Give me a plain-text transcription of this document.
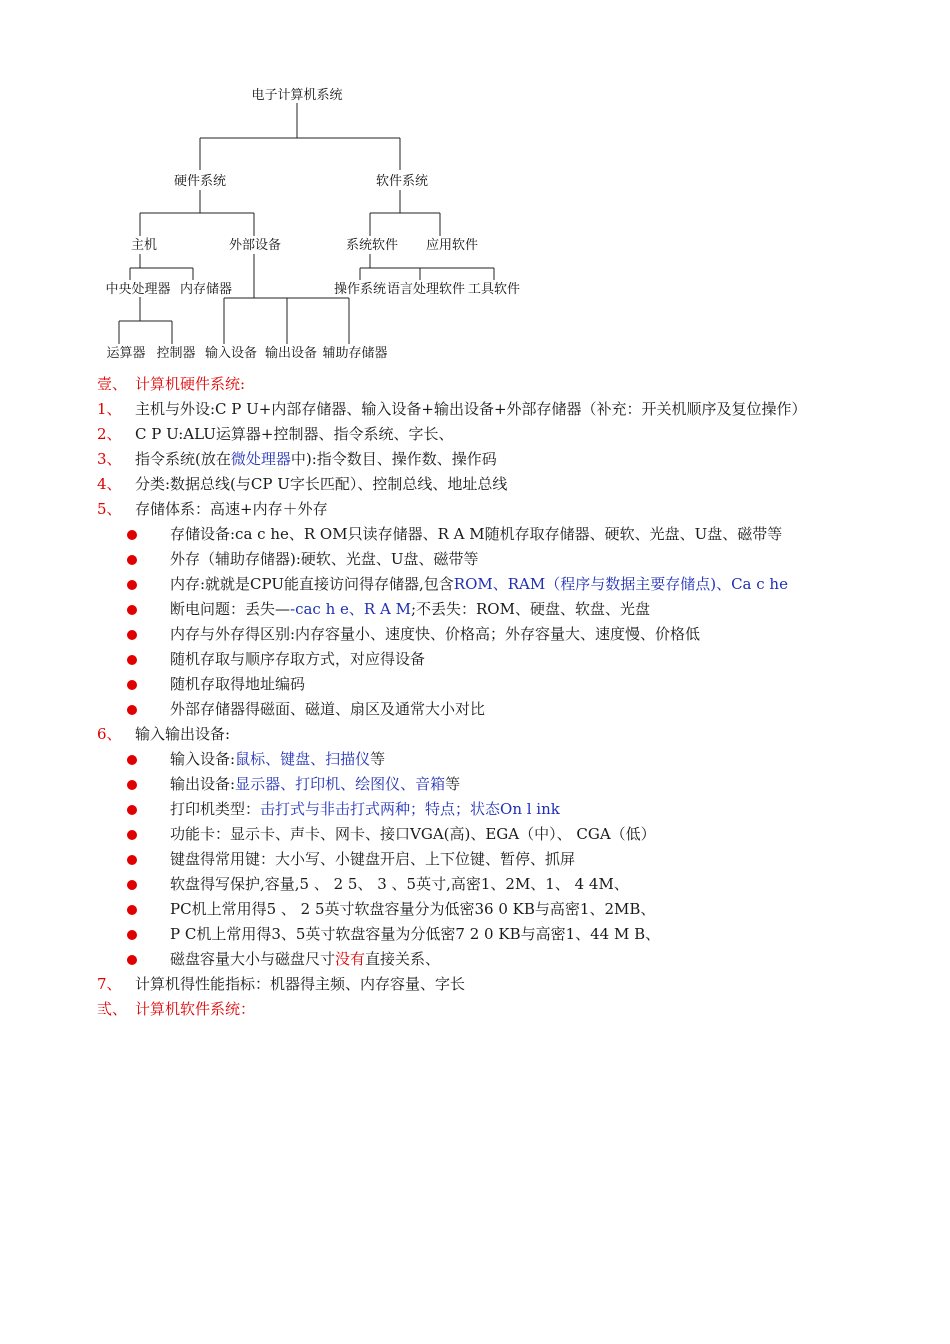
电子计算机系统
硬件系统	软件系统
主机	外部设备	系统软件 应用软件
中央处理器 内存储器	操作系统 语言处理软件 工具软件
运算器 控制器 输入设备 输出设备 辅助存储器
壹、 计算机硬件系统:
1、 主机与外设:C P U+内部存储器、输入设备+输出设备+外部存储器（补充：开关机顺序及复位操作）
2、 C P U:ALU运算器+控制器、指令系统、字长、
3、 指令系统(放在微处理器中):指令数目、操作数、操作码
4、 分类:数据总线(与CP U字长匹配）、控制总线、地址总线
5、 存储体系：高速+内存＋外存
存储设备:ca c he、R OM只读存储器、R A M随机存取存储器、硬软、光盘、U盘、磁带等
外存（辅助存储器):硬软、光盘、U盘、磁带等
内存:就就是CPU能直接访问得存储器,包含ROM、RAM（程序与数据主要存储点)、Ca c he
断电问题：丢失—-cac h e、R A M;不丢失：ROM、硬盘、软盘、光盘
内存与外存得区别:内存容量小、速度快、价格高；外存容量大、速度慢、价格低
随机存取与顺序存取方式，对应得设备
随机存取得地址编码
外部存储器得磁面、磁道、扇区及通常大小对比
6、 输入输出设备:
输入设备:鼠标、键盘、扫描仪等
输出设备:显示器、打印机、绘图仪、音箱等
打印机类型：击打式与非击打式两种；特点；状态On l ink
功能卡：显示卡、声卡、网卡、接口VGA(高)、EGA（中）、 CGA（低）
键盘得常用键：大小写、小键盘开启、上下位键、暂停、抓屏
软盘得写保护,容量,5 、 2 5、 3 、5英寸,高密1、2M、1、 4 4M、
PC机上常用得5 、 2 5英寸软盘容量分为低密36 0 KB与高密1、2MB、
P C机上常用得3、5英寸软盘容量为分低密7 2 0 KB与高密1、44 M B、
磁盘容量大小与磁盘尺寸没有直接关系、
7、 计算机得性能指标：机器得主频、内存容量、字长
弎、 计算机软件系统：
